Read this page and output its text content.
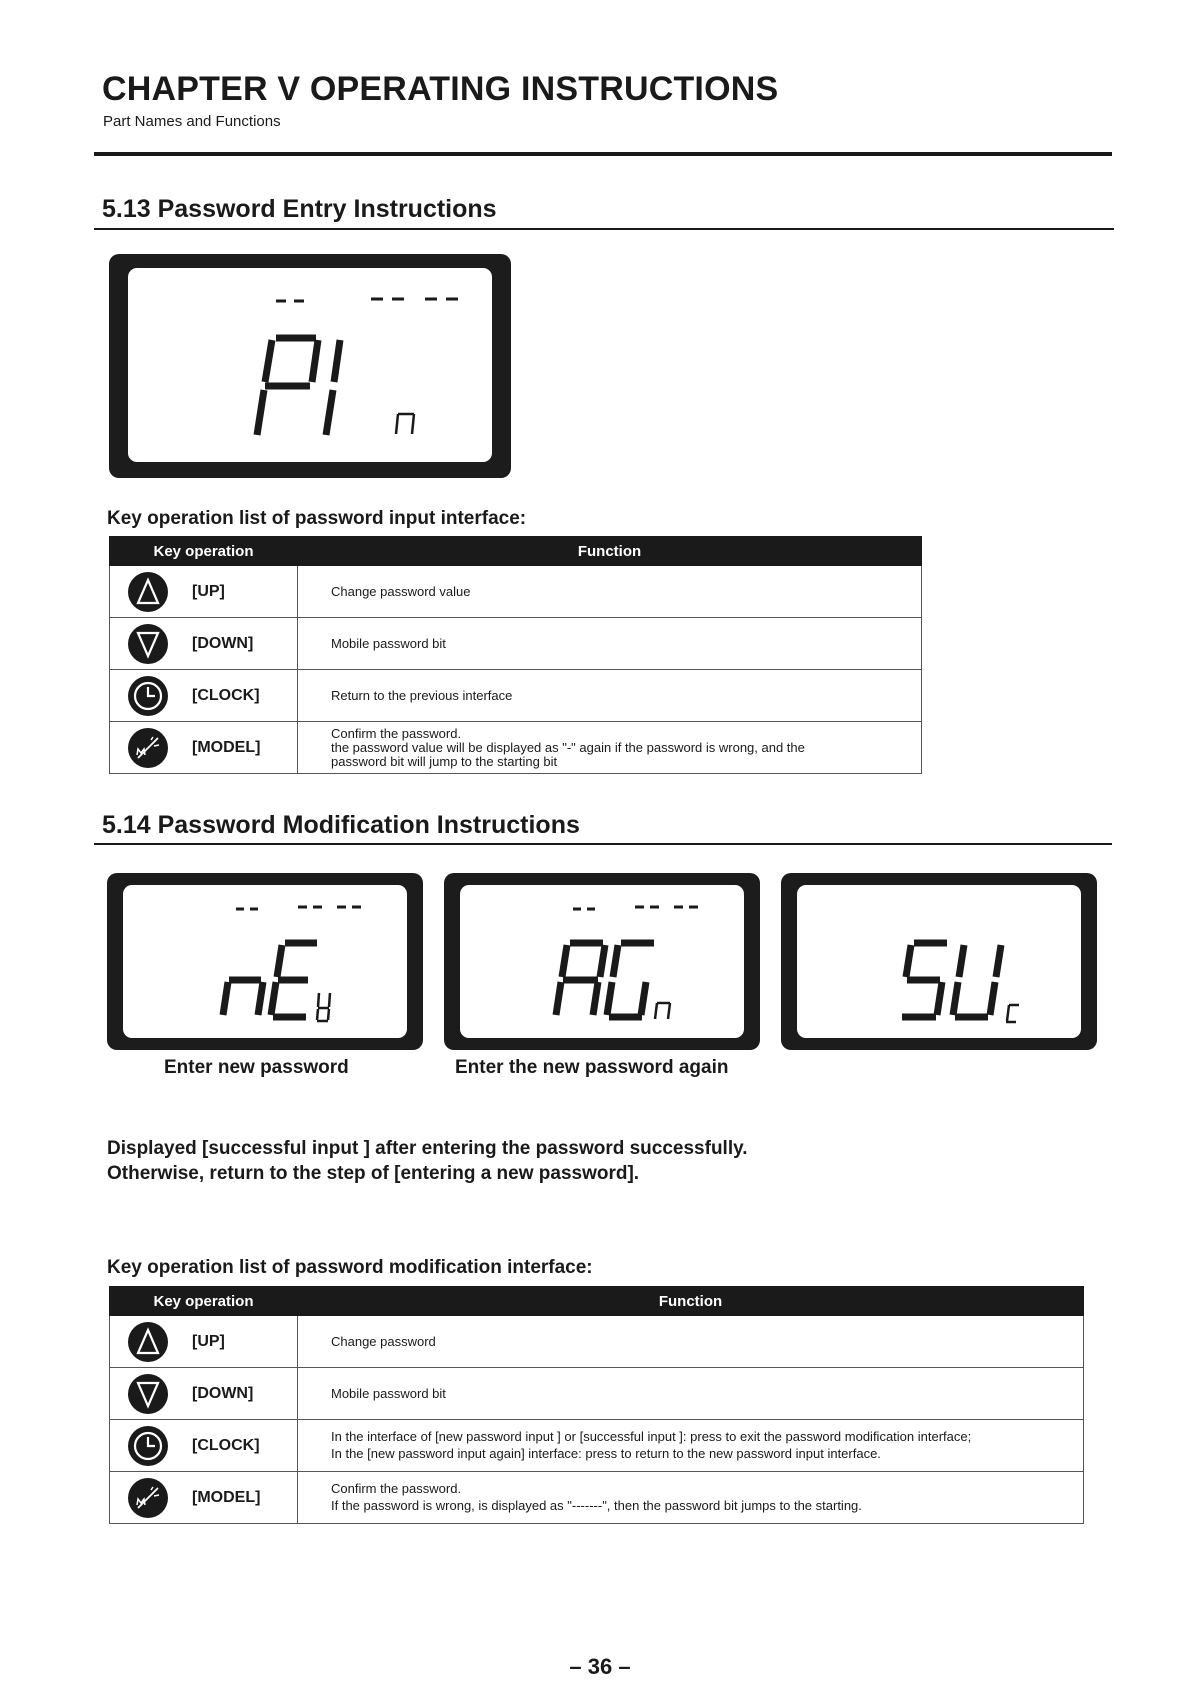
CHAPTER V OPERATING INSTRUCTIONS
Part Names and Functions
5.13 Password Entry Instructions
Key operation list of password input interface:
Key operation	Function

[UP]	Change password value

[DOWN]	Mobile password bit

[CLOCK]	Return to the previous interface

[MODEL]	Confirm the password.
the password value will be displayed as "-" again if the password is wrong, and the
password bit will jump to the starting bit
5.14 Password Modification Instructions
Enter new password	Enter the new password again
Displayed [successful input ] after entering the password successfully.
Otherwise, return to the step of [entering a new password].
Key operation list of password modification interface:
Key operation	Function

[UP]	Change password

[DOWN]	Mobile password bit

[CLOCK]	In the interface of [new password input ] or [successful input ]: press to exit the password modification interface;
In the [new password input again] interface: press to return to the new password input interface.

[MODEL]	Confirm the password.
If the password is wrong, is displayed as "-------", then the password bit jumps to the starting.
– 36 –
